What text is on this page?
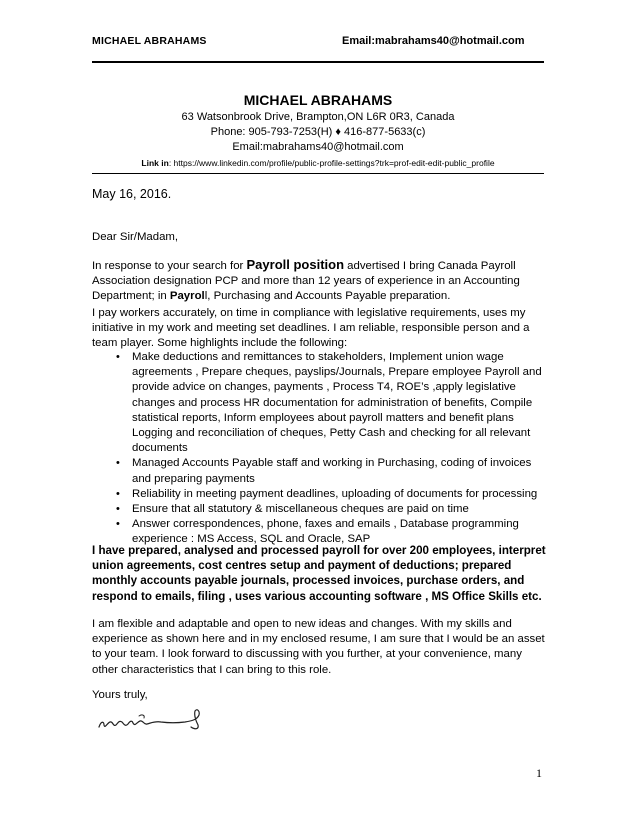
MICHAEL ABRAHAMS	Email:mabrahams40@hotmail.com
MICHAEL ABRAHAMS
63 Watsonbrook Drive, Brampton,ON L6R 0R3, Canada
Phone: 905-793-7253(H) ♦ 416-877-5633(c)
Email:mabrahams40@hotmail.com
Link in: https://www.linkedin.com/profile/public-profile-settings?trk=prof-edit-edit-public_profile
May 16, 2016.
Dear Sir/Madam,
In response to your search for Payroll position advertised I bring Canada Payroll Association designation PCP and more than 12 years of experience in an Accounting Department; in Payroll, Purchasing and Accounts Payable preparation.
I pay workers accurately, on time in compliance with legislative requirements, uses my initiative in my work and meeting set deadlines. I am reliable, responsible person and a team player. Some highlights include the following:
• Make deductions and remittances to stakeholders, Implement union wage agreements , Prepare cheques, payslips/Journals, Prepare employee Payroll and provide advice on changes, payments , Process T4, ROE’s ,apply legislative changes and process HR documentation for administration of benefits, Compile statistical reports, Inform employees about payroll matters and benefit plans Logging and reconciliation of cheques, Petty Cash and checking for all relevant documents
• Managed Accounts Payable staff and working in Purchasing, coding of invoices and preparing payments
• Reliability in meeting payment deadlines, uploading of documents for processing
• Ensure that all statutory & miscellaneous cheques are paid on time
• Answer correspondences, phone, faxes and emails , Database programming experience : MS Access, SQL and Oracle, SAP
I have prepared, analysed and processed payroll for over 200 employees, interpret union agreements, cost centres setup and payment of deductions; prepared monthly accounts payable journals, processed invoices, purchase orders, and respond to emails, filing , uses various accounting software , MS Office Skills etc.
I am flexible and adaptable and open to new ideas and changes. With my skills and experience as shown here and in my enclosed resume, I am sure that I would be an asset to your team. I look forward to discussing with you further, at your convenience, many other characteristics that I can bring to this role.
Yours truly,
1
